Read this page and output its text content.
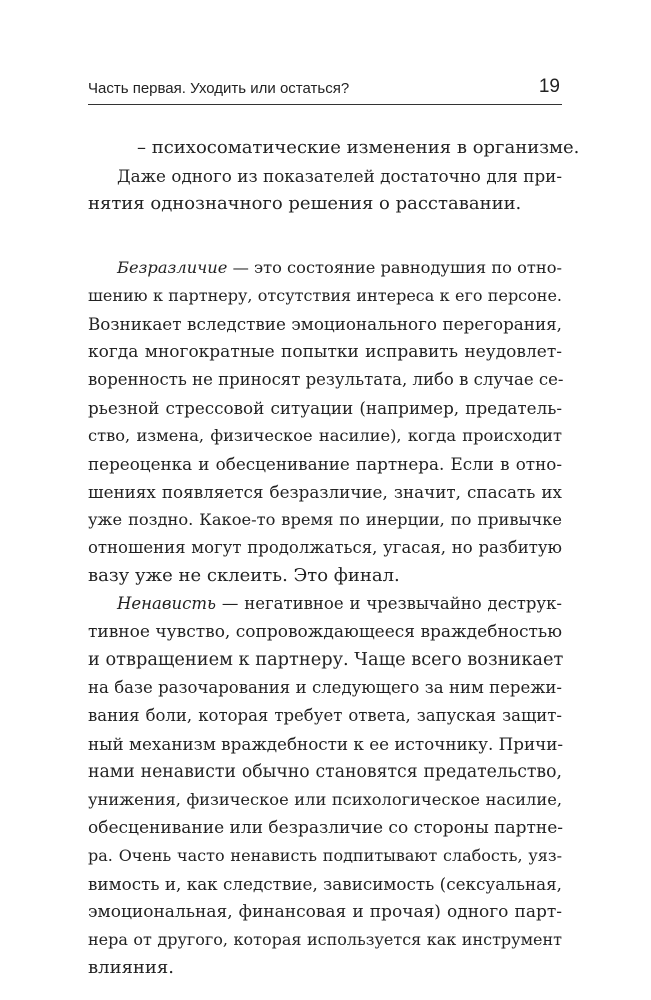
Часть первая. Уходить или остаться?	19
– психосоматические изменения в организме.
Даже одного из показателей достаточно для при-
нятия однозначного решения о расставании.
Безразличие — это состояние равнодушия по отно-
шению к партнеру, отсутствия интереса к его персоне.
Возникает вследствие эмоционального перегорания,
когда многократные попытки исправить неудовлет-
воренность не приносят результата, либо в случае се-
рьезной стрессовой ситуации (например, предатель-
ство, измена, физическое насилие), когда происходит
переоценка и обесценивание партнера. Если в отно-
шениях появляется безразличие, значит, спасать их
уже поздно. Какое-то время по инерции, по привычке
отношения могут продолжаться, угасая, но разбитую
вазу уже не склеить. Это финал.
Ненависть — негативное и чрезвычайно деструк-
тивное чувство, сопровождающееся враждебностью
и отвращением к партнеру. Чаще всего возникает
на базе разочарования и следующего за ним пережи-
вания боли, которая требует ответа, запуская защит-
ный механизм враждебности к ее источнику. Причи-
нами ненависти обычно становятся предательство,
унижения, физическое или психологическое насилие,
обесценивание или безразличие со стороны партне-
ра. Очень часто ненависть подпитывают слабость, уяз-
вимость и, как следствие, зависимость (сексуальная,
эмоциональная, финансовая и прочая) одного парт-
нера от другого, которая используется как инструмент
влияния.
